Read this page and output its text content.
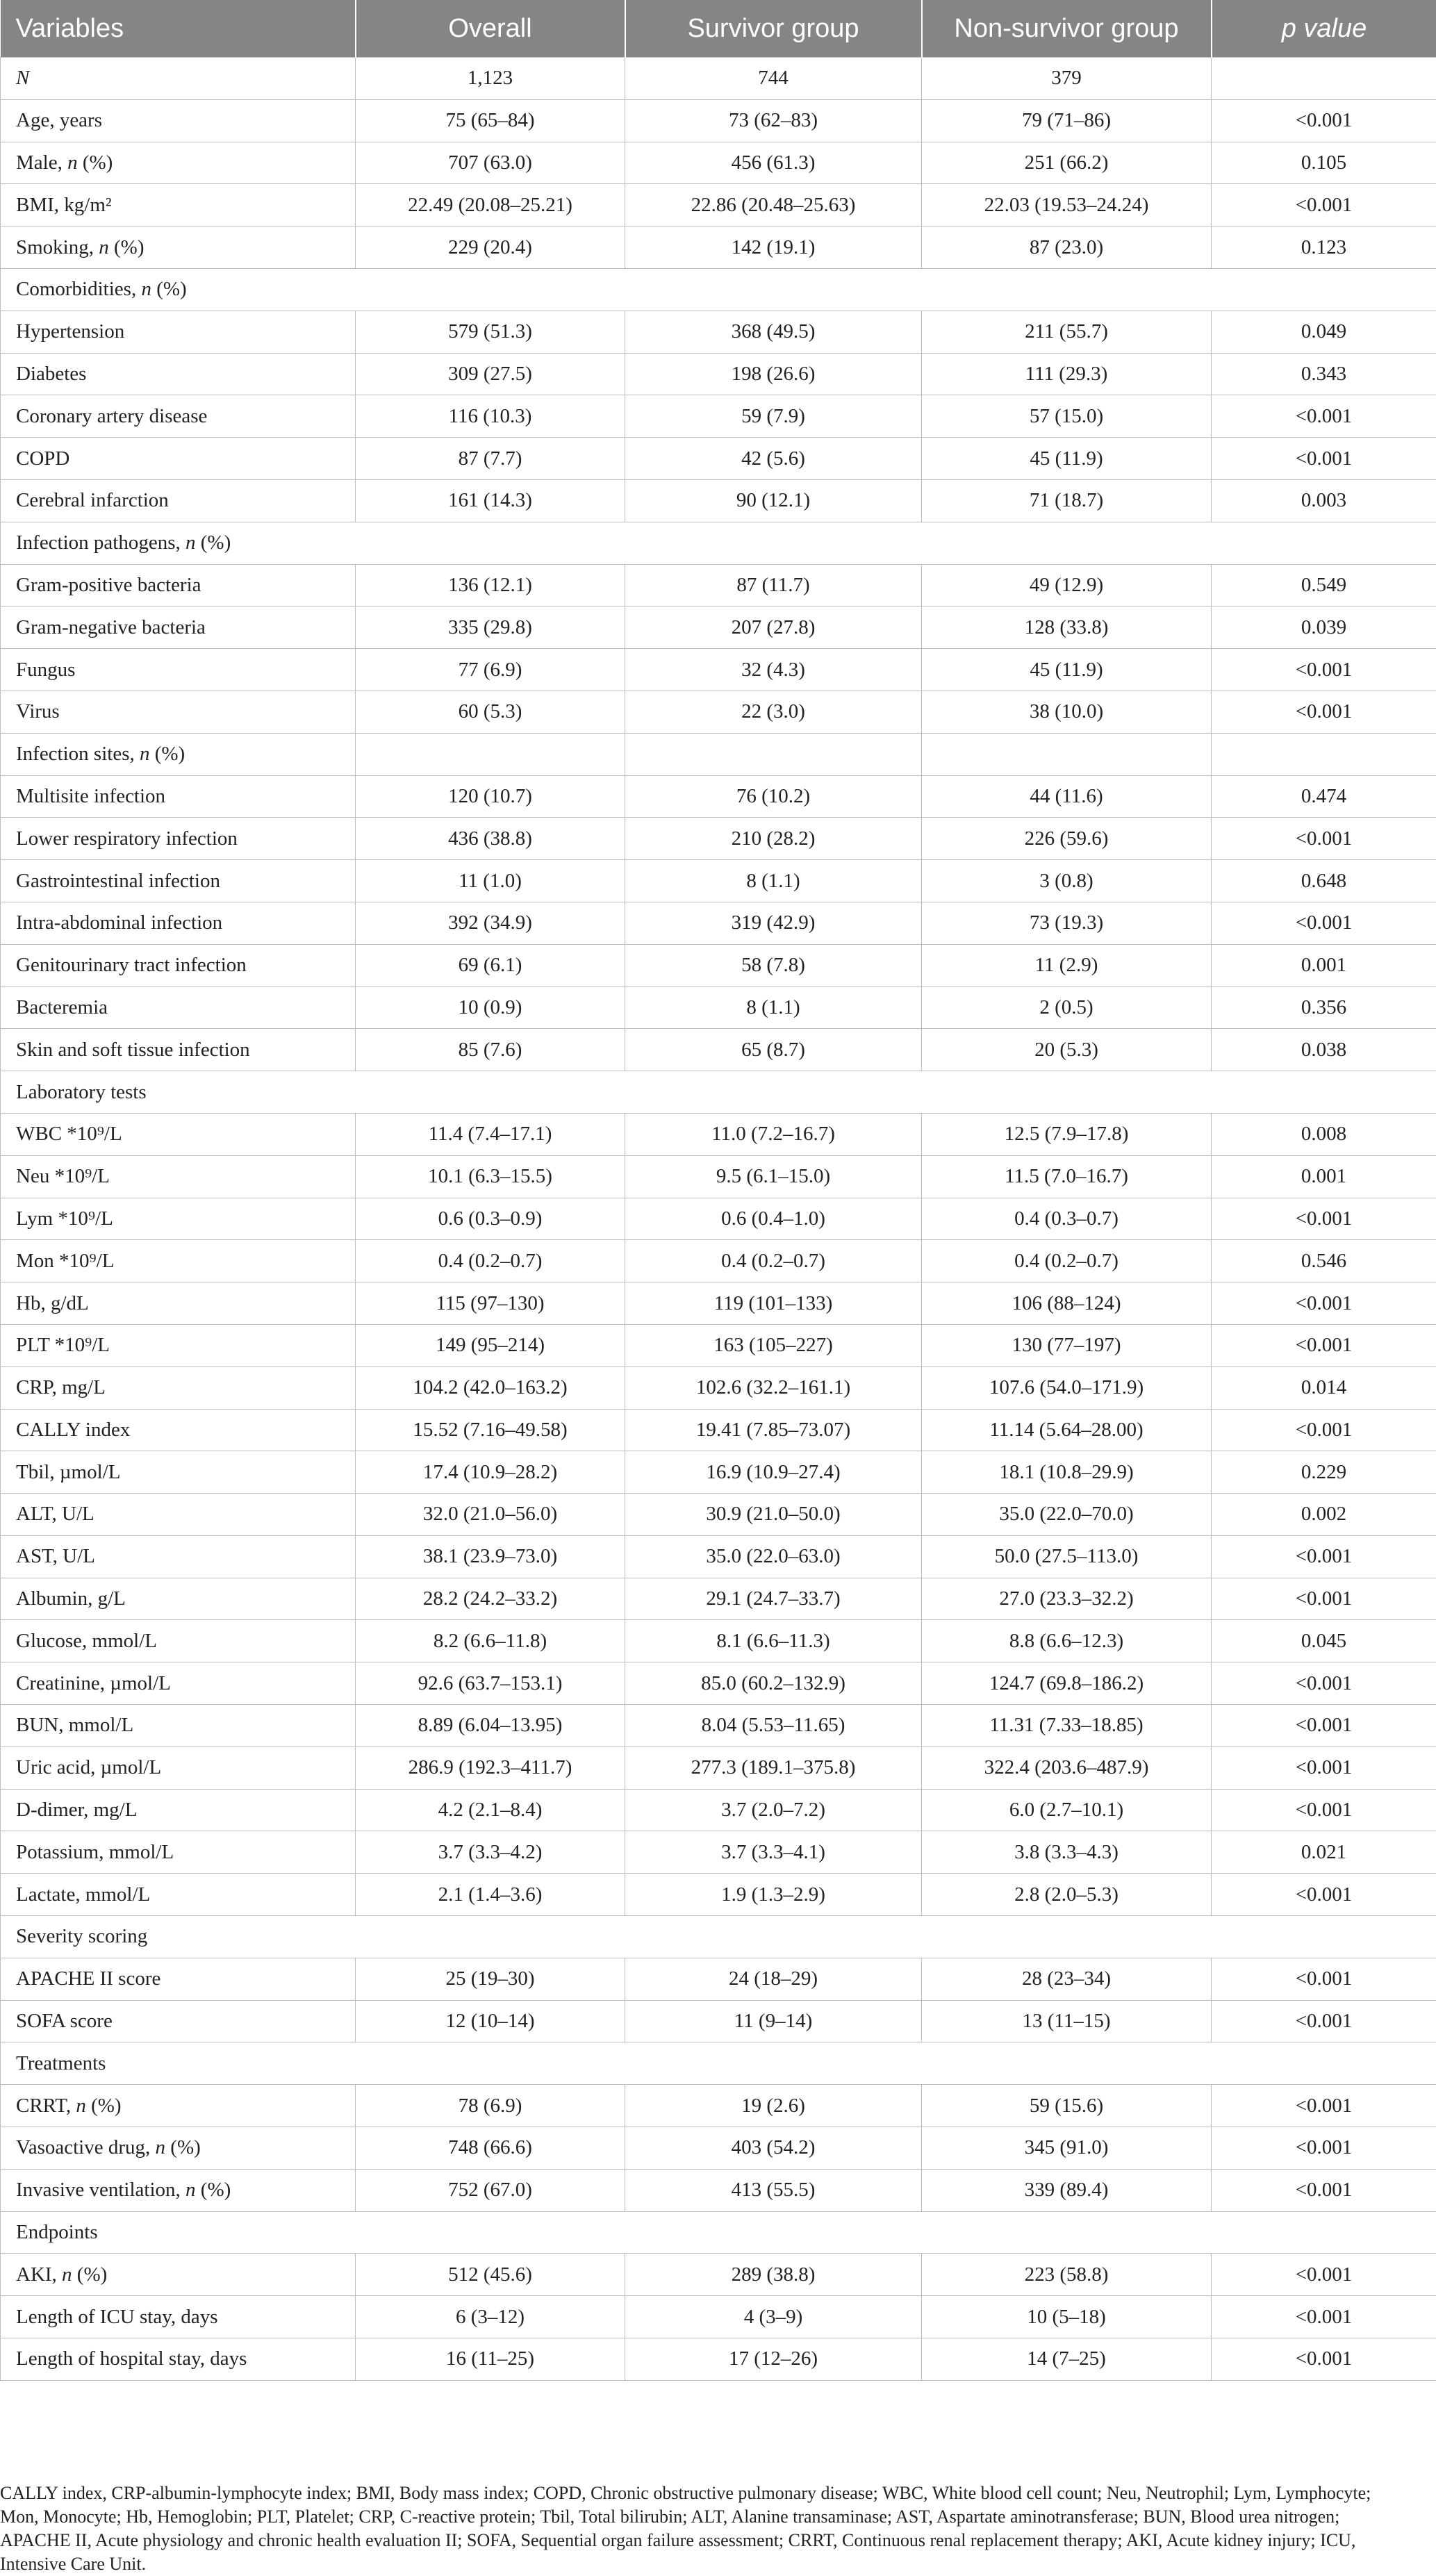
Variables	Overall	Survivor group	Non-survivor group	p value
N	1,123	744	379	
Age, years	75 (65–84)	73 (62–83)	79 (71–86)	<0.001
Male, n (%)	707 (63.0)	456 (61.3)	251 (66.2)	0.105
BMI, kg/m²	22.49 (20.08–25.21)	22.86 (20.48–25.63)	22.03 (19.53–24.24)	<0.001
Smoking, n (%)	229 (20.4)	142 (19.1)	87 (23.0)	0.123
Comorbidities, n (%)				
Hypertension	579 (51.3)	368 (49.5)	211 (55.7)	0.049
Diabetes	309 (27.5)	198 (26.6)	111 (29.3)	0.343
Coronary artery disease	116 (10.3)	59 (7.9)	57 (15.0)	<0.001
COPD	87 (7.7)	42 (5.6)	45 (11.9)	<0.001
Cerebral infarction	161 (14.3)	90 (12.1)	71 (18.7)	0.003
Infection pathogens, n (%)				
Gram-positive bacteria	136 (12.1)	87 (11.7)	49 (12.9)	0.549
Gram-negative bacteria	335 (29.8)	207 (27.8)	128 (33.8)	0.039
Fungus	77 (6.9)	32 (4.3)	45 (11.9)	<0.001
Virus	60 (5.3)	22 (3.0)	38 (10.0)	<0.001
Infection sites, n (%)				
Multisite infection	120 (10.7)	76 (10.2)	44 (11.6)	0.474
Lower respiratory infection	436 (38.8)	210 (28.2)	226 (59.6)	<0.001
Gastrointestinal infection	11 (1.0)	8 (1.1)	3 (0.8)	0.648
Intra-abdominal infection	392 (34.9)	319 (42.9)	73 (19.3)	<0.001
Genitourinary tract infection	69 (6.1)	58 (7.8)	11 (2.9)	0.001
Bacteremia	10 (0.9)	8 (1.1)	2 (0.5)	0.356
Skin and soft tissue infection	85 (7.6)	65 (8.7)	20 (5.3)	0.038
Laboratory tests				
WBC *10⁹/L	11.4 (7.4–17.1)	11.0 (7.2–16.7)	12.5 (7.9–17.8)	0.008
Neu *10⁹/L	10.1 (6.3–15.5)	9.5 (6.1–15.0)	11.5 (7.0–16.7)	0.001
Lym *10⁹/L	0.6 (0.3–0.9)	0.6 (0.4–1.0)	0.4 (0.3–0.7)	<0.001
Mon *10⁹/L	0.4 (0.2–0.7)	0.4 (0.2–0.7)	0.4 (0.2–0.7)	0.546
Hb, g/dL	115 (97–130)	119 (101–133)	106 (88–124)	<0.001
PLT *10⁹/L	149 (95–214)	163 (105–227)	130 (77–197)	<0.001
CRP, mg/L	104.2 (42.0–163.2)	102.6 (32.2–161.1)	107.6 (54.0–171.9)	0.014
CALLY index	15.52 (7.16–49.58)	19.41 (7.85–73.07)	11.14 (5.64–28.00)	<0.001
Tbil, µmol/L	17.4 (10.9–28.2)	16.9 (10.9–27.4)	18.1 (10.8–29.9)	0.229
ALT, U/L	32.0 (21.0–56.0)	30.9 (21.0–50.0)	35.0 (22.0–70.0)	0.002
AST, U/L	38.1 (23.9–73.0)	35.0 (22.0–63.0)	50.0 (27.5–113.0)	<0.001
Albumin, g/L	28.2 (24.2–33.2)	29.1 (24.7–33.7)	27.0 (23.3–32.2)	<0.001
Glucose, mmol/L	8.2 (6.6–11.8)	8.1 (6.6–11.3)	8.8 (6.6–12.3)	0.045
Creatinine, µmol/L	92.6 (63.7–153.1)	85.0 (60.2–132.9)	124.7 (69.8–186.2)	<0.001
BUN, mmol/L	8.89 (6.04–13.95)	8.04 (5.53–11.65)	11.31 (7.33–18.85)	<0.001
Uric acid, µmol/L	286.9 (192.3–411.7)	277.3 (189.1–375.8)	322.4 (203.6–487.9)	<0.001
D-dimer, mg/L	4.2 (2.1–8.4)	3.7 (2.0–7.2)	6.0 (2.7–10.1)	<0.001
Potassium, mmol/L	3.7 (3.3–4.2)	3.7 (3.3–4.1)	3.8 (3.3–4.3)	0.021
Lactate, mmol/L	2.1 (1.4–3.6)	1.9 (1.3–2.9)	2.8 (2.0–5.3)	<0.001
Severity scoring				
APACHE II score	25 (19–30)	24 (18–29)	28 (23–34)	<0.001
SOFA score	12 (10–14)	11 (9–14)	13 (11–15)	<0.001
Treatments				
CRRT, n (%)	78 (6.9)	19 (2.6)	59 (15.6)	<0.001
Vasoactive drug, n (%)	748 (66.6)	403 (54.2)	345 (91.0)	<0.001
Invasive ventilation, n (%)	752 (67.0)	413 (55.5)	339 (89.4)	<0.001
Endpoints				
AKI, n (%)	512 (45.6)	289 (38.8)	223 (58.8)	<0.001
Length of ICU stay, days	6 (3–12)	4 (3–9)	10 (5–18)	<0.001
Length of hospital stay, days	16 (11–25)	17 (12–26)	14 (7–25)	<0.001
CALLY index, CRP-albumin-lymphocyte index; BMI, Body mass index; COPD, Chronic obstructive pulmonary disease; WBC, White blood cell count; Neu, Neutrophil; Lym, Lymphocyte;
Mon, Monocyte; Hb, Hemoglobin; PLT, Platelet; CRP, C-reactive protein; Tbil, Total bilirubin; ALT, Alanine transaminase; AST, Aspartate aminotransferase; BUN, Blood urea nitrogen;
APACHE II, Acute physiology and chronic health evaluation II; SOFA, Sequential organ failure assessment; CRRT, Continuous renal replacement therapy; AKI, Acute kidney injury; ICU,
Intensive Care Unit.
